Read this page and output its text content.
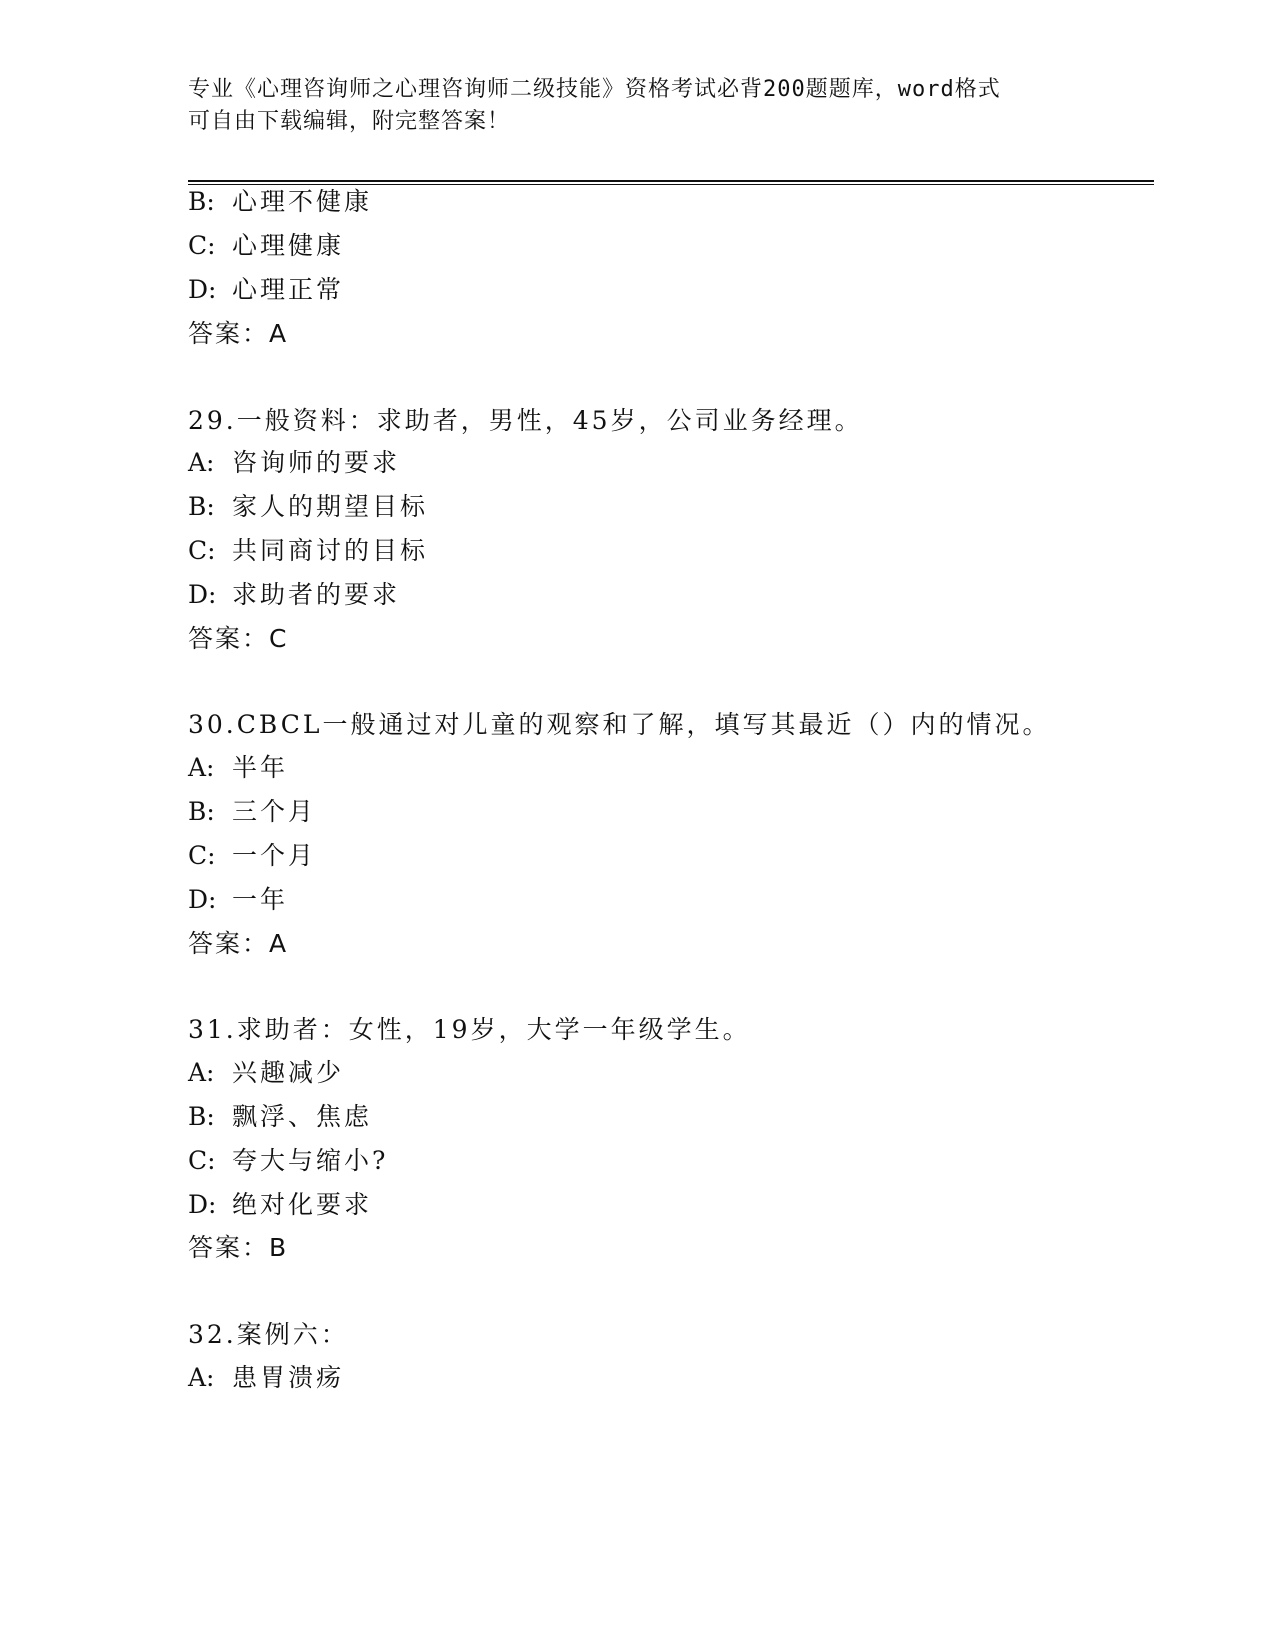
专业《心理咨询师之心理咨询师二级技能》资格考试必背200题题库，word格式
可自由下载编辑，附完整答案！
B: 心理不健康
C: 心理健康
D: 心理正常
答案：A
29.一般资料：求助者，男性，45岁，公司业务经理。
A: 咨询师的要求
B: 家人的期望目标
C: 共同商讨的目标
D: 求助者的要求
答案：C
30.CBCL一般通过对儿童的观察和了解，填写其最近（）内的情况。
A: 半年
B: 三个月
C: 一个月
D: 一年
答案：A
31.求助者：女性，19岁，大学一年级学生。
A: 兴趣减少
B: 飘浮、焦虑
C: 夸大与缩小?
D: 绝对化要求
答案：B
32.案例六：
A: 患胃溃疡
